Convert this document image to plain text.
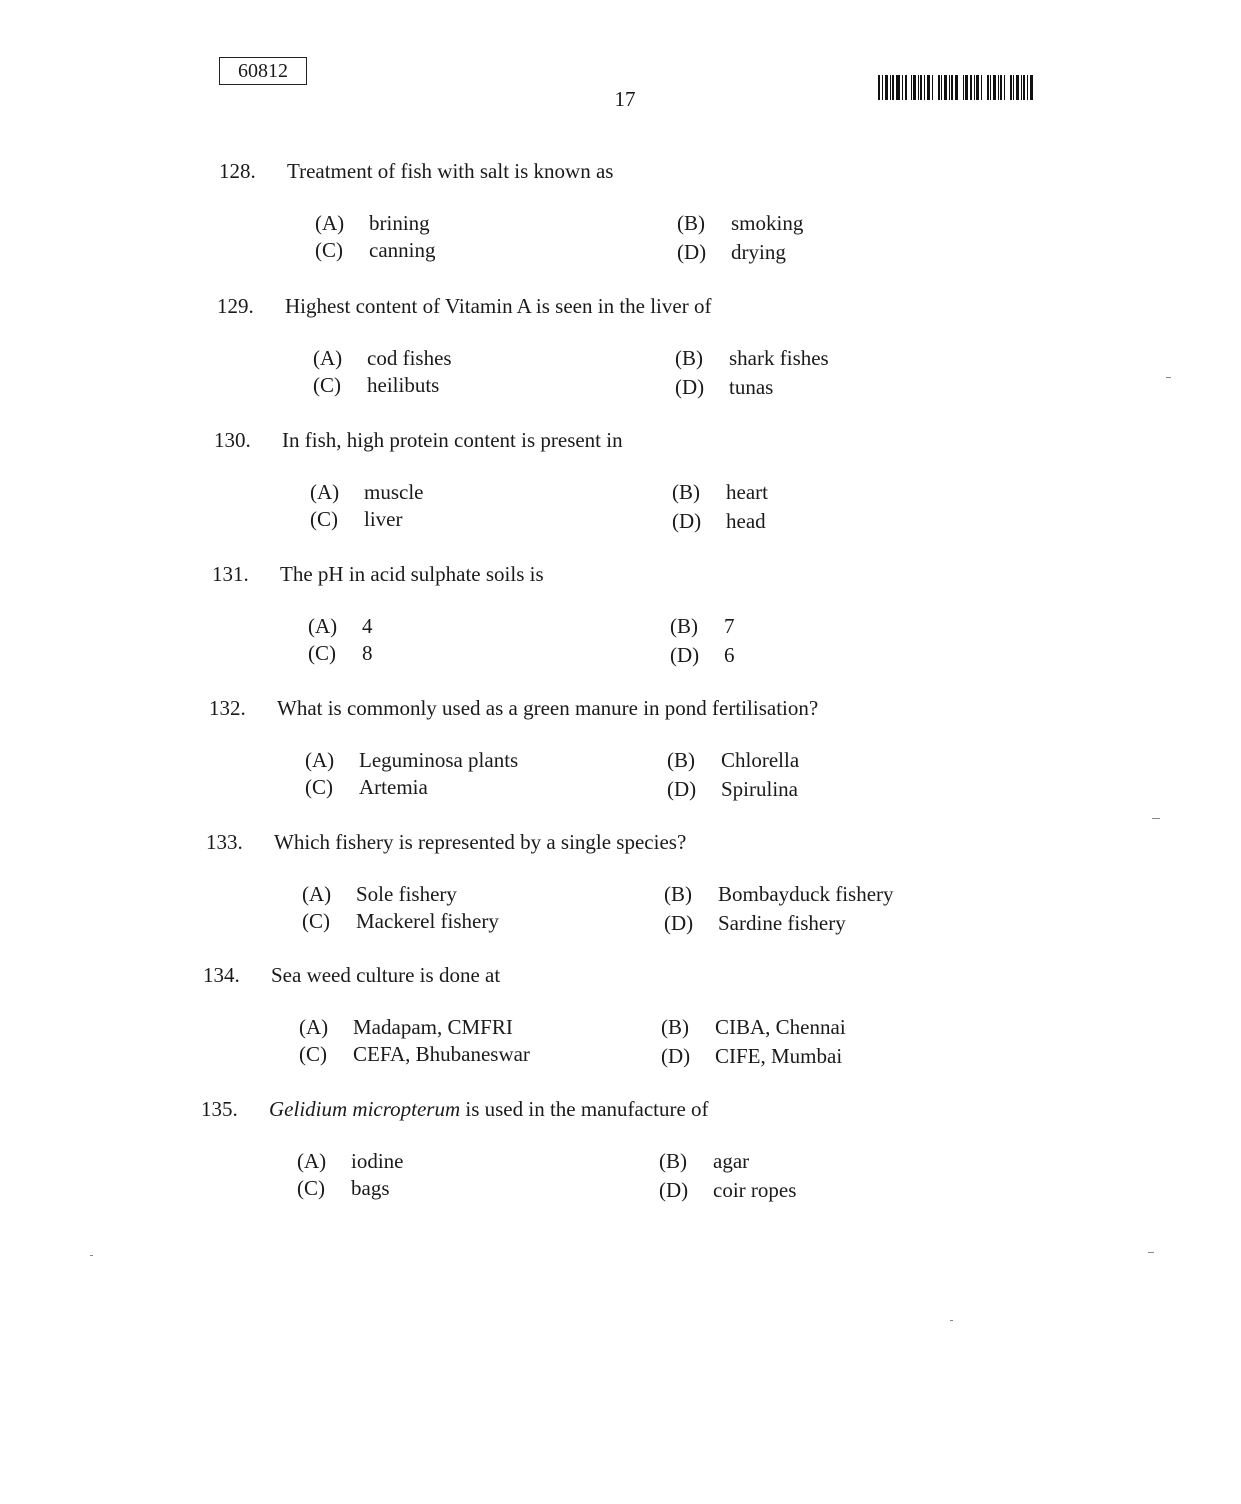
60812
17
128. Treatment of fish with salt is known as
(A) brining	(B) smoking
(C) canning	(D) drying
129. Highest content of Vitamin A is seen in the liver of
(A) cod fishes	(B) shark fishes
(C) heilibuts	(D) tunas
130. In fish, high protein content is present in
(A) muscle	(B) heart
(C) liver	(D) head
131. The pH in acid sulphate soils is
(A) 4	(B) 7
(C) 8	(D) 6
132. What is commonly used as a green manure in pond fertilisation?
(A) Leguminosa plants	(B) Chlorella
(C) Artemia	(D) Spirulina
133. Which fishery is represented by a single species?
(A) Sole fishery	(B) Bombayduck fishery
(C) Mackerel fishery	(D) Sardine fishery
134. Sea weed culture is done at
(A) Madapam, CMFRI	(B) CIBA, Chennai
(C) CEFA, Bhubaneswar	(D) CIFE, Mumbai
135. Gelidium micropterum is used in the manufacture of
(A) iodine	(B) agar
(C) bags	(D) coir ropes
